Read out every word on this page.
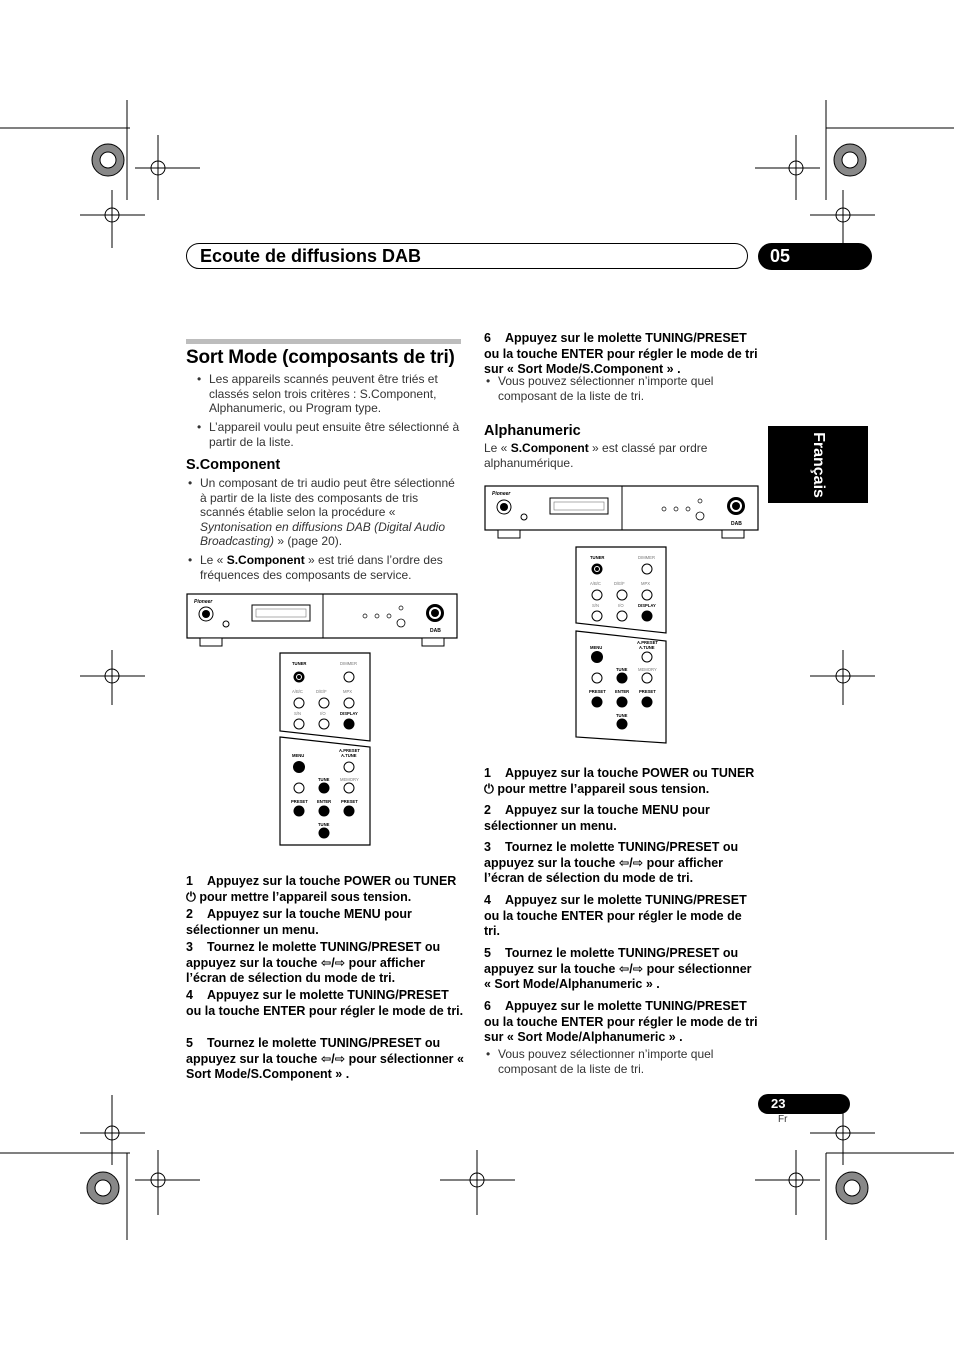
Ecoute de diffusions DAB	05
Français
Sort Mode (composants de tri)
• Les appareils scannés peuvent être triés et classés selon trois critères : S.Component, Alphanumeric, ou Program type.
• L’appareil voulu peut ensuite être sélectionné à partir de la liste.
S.Component
• Un composant de tri audio peut être sélectionné à partir de la liste des composants de tris scannés établie selon la procédure « Syntonisation en diffusions DAB (Digital Audio Broadcasting) » (page 20).
• Le « S.Component » est trié dans l’ordre des fréquences des composants de service.
Pioneer
DAB
TUNER	DIMMER
A/B/C	D/E/F	MPX
S/N	I/O	DISPLAY
MENU
A.PRESET
A.TUNE
TUNE	MEMORY
PRESET ENTER PRESET
TUNE
1 Appuyez sur la touche POWER ou TUNER ⏻ pour mettre l’appareil sous tension.
2 Appuyez sur la touche MENU pour sélectionner un menu.
3 Tournez le molette TUNING/PRESET ou appuyez sur la touche ⇦/⇨ pour afficher l’écran de sélection du mode de tri.
4 Appuyez sur le molette TUNING/PRESET ou la touche ENTER pour régler le mode de tri.
5 Tournez le molette TUNING/PRESET ou appuyez sur la touche ⇦/⇨ pour sélectionner « Sort Mode/S.Component » .
6 Appuyez sur le molette TUNING/PRESET ou la touche ENTER pour régler le mode de tri sur « Sort Mode/S.Component » .
• Vous pouvez sélectionner n’importe quel composant de la liste de tri.
Alphanumeric
Le « S.Component » est classé par ordre alphanumérique.
Pioneer
DAB
TUNER	DIMMER
A/B/C	D/E/F	MPX
S/N	I/O	DISPLAY
MENU
A.PRESET
A.TUNE
TUNE	MEMORY
PRESET ENTER PRESET
TUNE
1 Appuyez sur la touche POWER ou TUNER ⏻ pour mettre l’appareil sous tension.
2 Appuyez sur la touche MENU pour sélectionner un menu.
3 Tournez le molette TUNING/PRESET ou appuyez sur la touche ⇦/⇨ pour afficher l’écran de sélection du mode de tri.
4 Appuyez sur le molette TUNING/PRESET ou la touche ENTER pour régler le mode de tri.
5 Tournez le molette TUNING/PRESET ou appuyez sur la touche ⇦/⇨ pour sélectionner « Sort Mode/Alphanumeric » .
6 Appuyez sur le molette TUNING/PRESET ou la touche ENTER pour régler le mode de tri sur « Sort Mode/Alphanumeric » .
• Vous pouvez sélectionner n’importe quel composant de la liste de tri.
23
Fr
